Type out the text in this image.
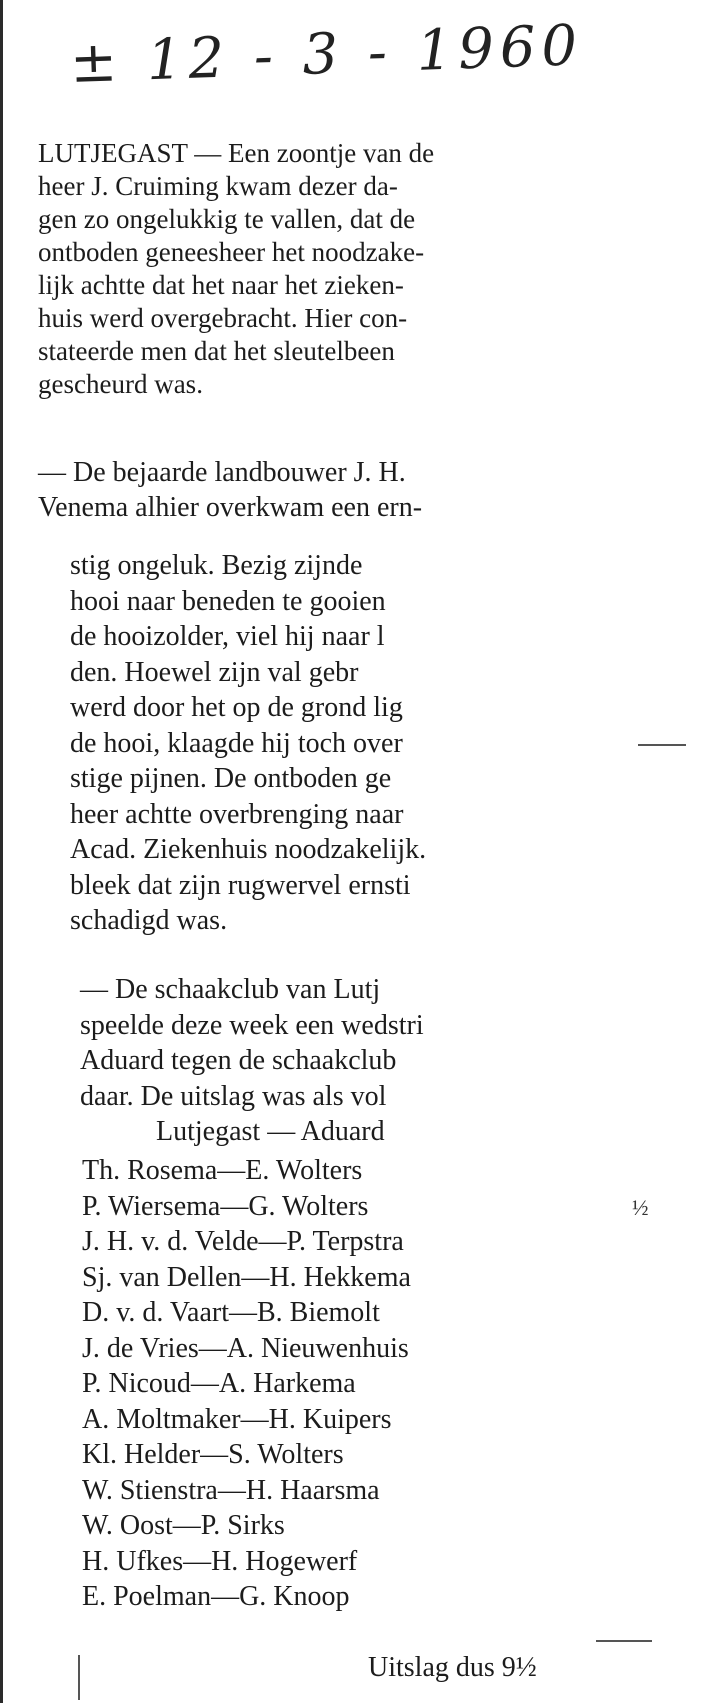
± 12 - 3 - 1960
LUTJEGAST — Een zoontje van de
heer J. Cruiming kwam dezer da-
gen zo ongelukkig te vallen, dat de
ontboden geneesheer het noodzake-
lijk achtte dat het naar het zieken-
huis werd overgebracht. Hier con-
stateerde men dat het sleutelbeen
gescheurd was.
— De bejaarde landbouwer J. H.
Venema alhier overkwam een ern-
stig ongeluk. Bezig zijnde
hooi naar beneden te gooien
de hooizolder, viel hij naar l
den. Hoewel zijn val gebr
werd door het op de grond lig
de hooi, klaagde hij toch over
stige pijnen. De ontboden ge
heer achtte overbrenging naar
Acad. Ziekenhuis noodzakelijk.
bleek dat zijn rugwervel ernsti
schadigd was.
— De schaakclub van Lutj
speelde deze week een wedstri
Aduard tegen de schaakclub
daar. De uitslag was als vol
Lutjegast — Aduard
Th. Rosema—E. Wolters
P. Wiersema—G. Wolters
J. H. v. d. Velde—P. Terpstra
Sj. van Dellen—H. Hekkema
D. v. d. Vaart—B. Biemolt
J. de Vries—A. Nieuwenhuis
P. Nicoud—A. Harkema
A. Moltmaker—H. Kuipers
Kl. Helder—S. Wolters
W. Stienstra—H. Haarsma
W. Oost—P. Sirks
H. Ufkes—H. Hogewerf
E. Poelman—G. Knoop
½
Uitslag dus 9½
